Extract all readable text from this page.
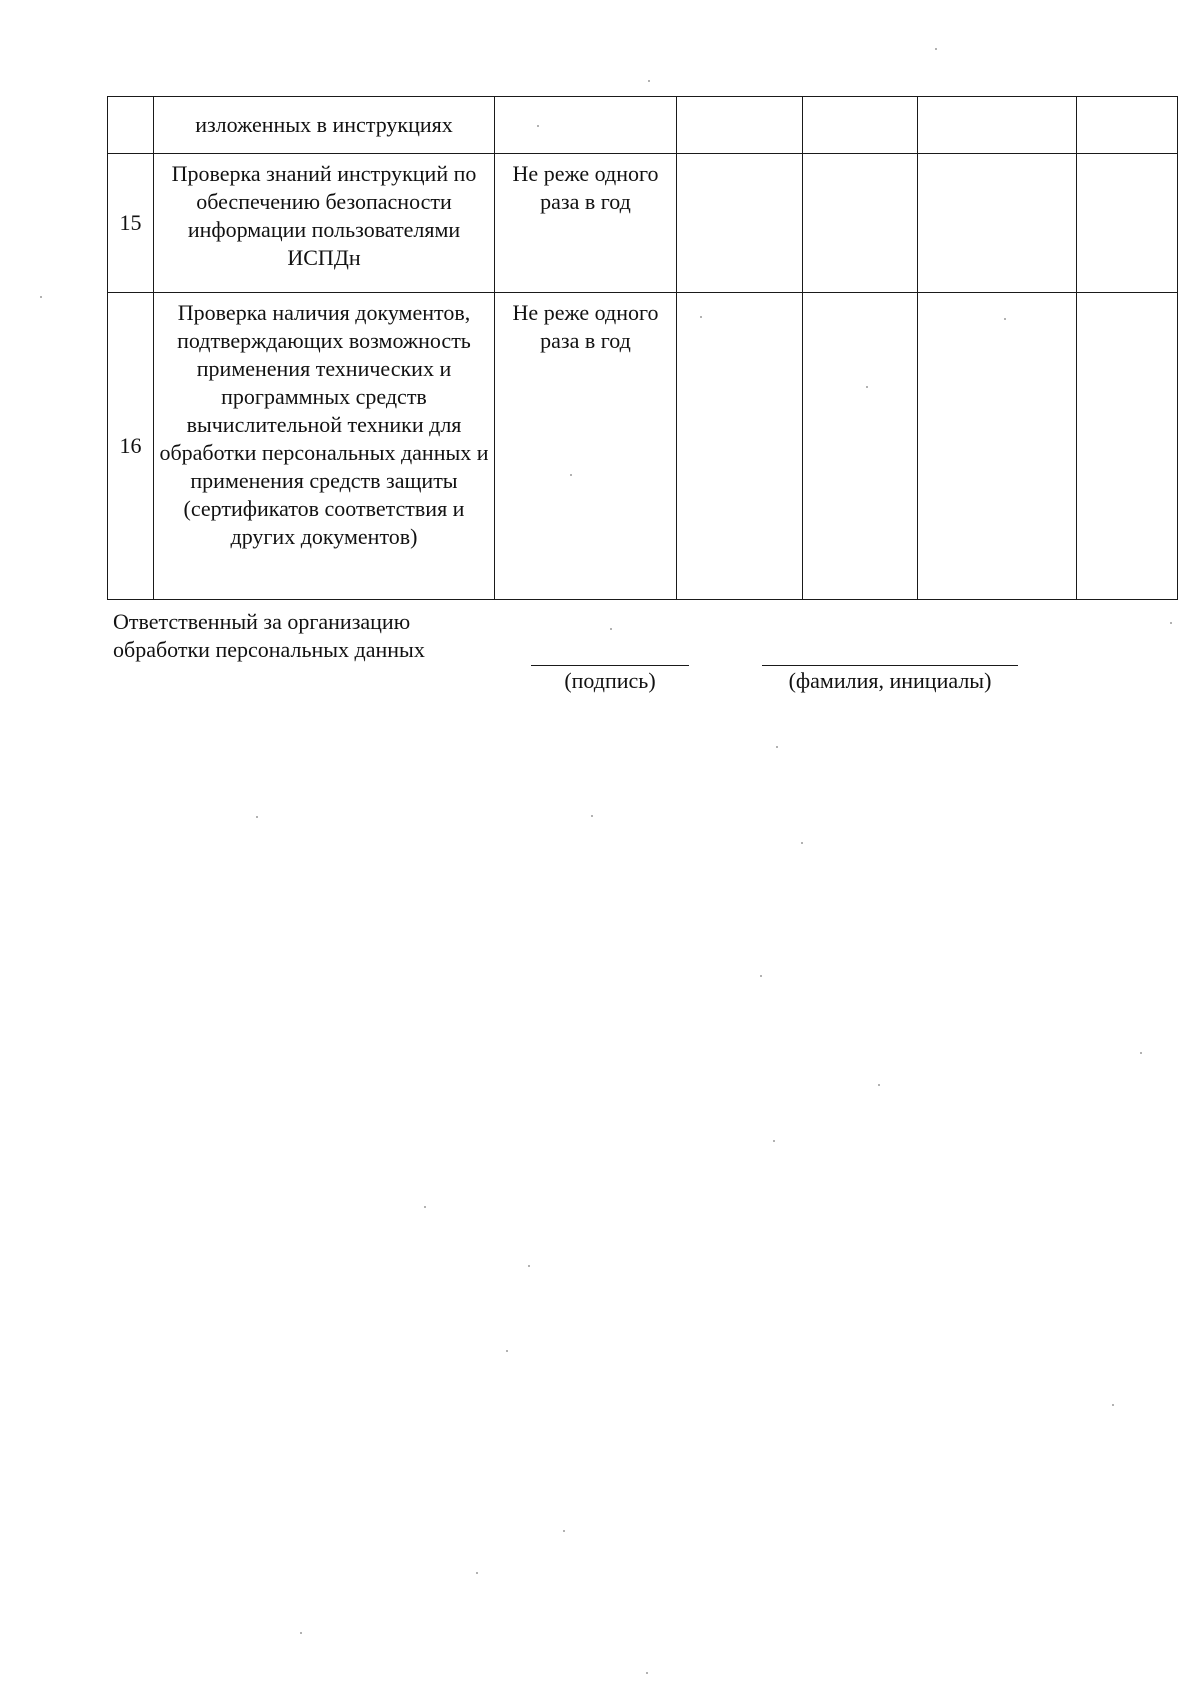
	изложенных в инструкциях					
15	Проверка знаний инструкций по обеспечению безопасности информации пользователями ИСПДн	Не реже одного раза в год				
16	Проверка наличия документов, подтверждающих возможность применения технических и программных средств вычислительной техники для обработки персональных данных и применения средств защиты (сертификатов соответствия и других документов)	Не реже одного раза в год				
Ответственный за организацию
обработки персональных данных
(подпись)	(фамилия, инициалы)
